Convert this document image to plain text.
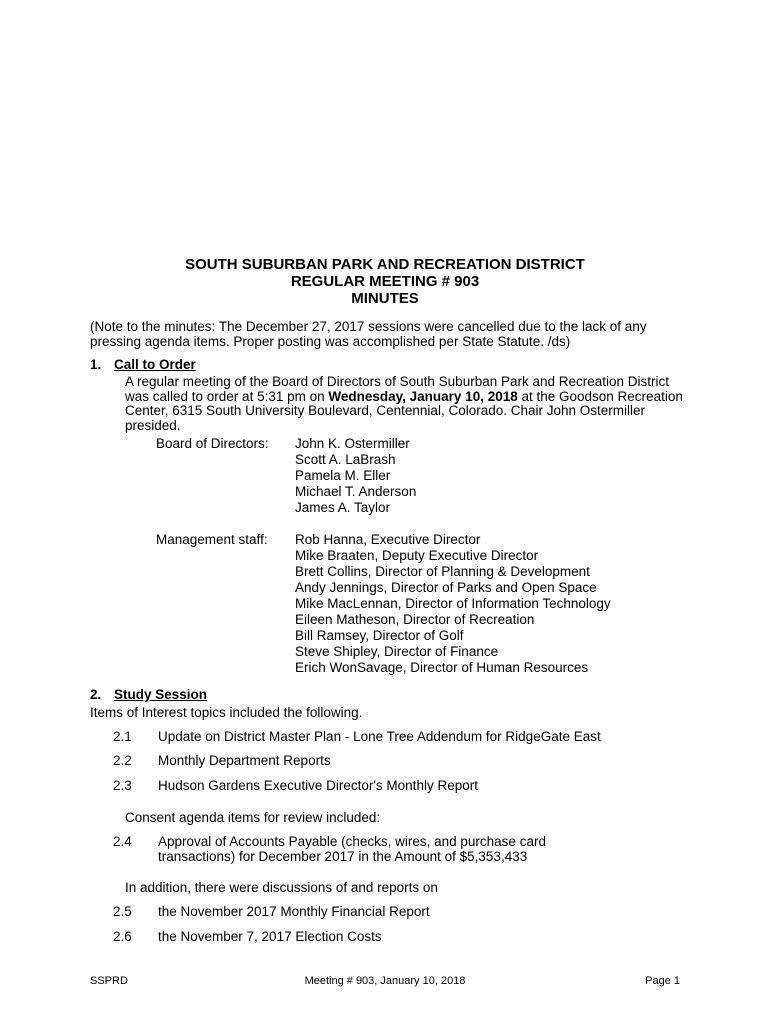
SOUTH SUBURBAN PARK AND RECREATION DISTRICT
REGULAR MEETING # 903
MINUTES
(Note to the minutes: The December 27, 2017 sessions were cancelled due to the lack of any pressing agenda items. Proper posting was accomplished per State Statute. /ds)
1. Call to Order
A regular meeting of the Board of Directors of South Suburban Park and Recreation District was called to order at 5:31 pm on Wednesday, January 10, 2018 at the Goodson Recreation Center, 6315 South University Boulevard, Centennial, Colorado. Chair John Ostermiller presided.
Board of Directors: John K. Ostermiller
Scott A. LaBrash
Pamela M. Eller
Michael T. Anderson
James A. Taylor
Management staff: Rob Hanna, Executive Director
Mike Braaten, Deputy Executive Director
Brett Collins, Director of Planning & Development
Andy Jennings, Director of Parks and Open Space
Mike MacLennan, Director of Information Technology
Eileen Matheson, Director of Recreation
Bill Ramsey, Director of Golf
Steve Shipley, Director of Finance
Erich WonSavage, Director of Human Resources
2. Study Session
Items of Interest topics included the following.
2.1	Update on District Master Plan - Lone Tree Addendum for RidgeGate East
2.2	Monthly Department Reports
2.3	Hudson Gardens Executive Director's Monthly Report
Consent agenda items for review included:
2.4	Approval of Accounts Payable (checks, wires, and purchase card transactions) for December 2017 in the Amount of $5,353,433
In addition, there were discussions of and reports on
2.5	the November 2017 Monthly Financial Report
2.6	the November 7, 2017 Election Costs
SSPRD	Meeting # 903, January 10, 2018	Page 1
